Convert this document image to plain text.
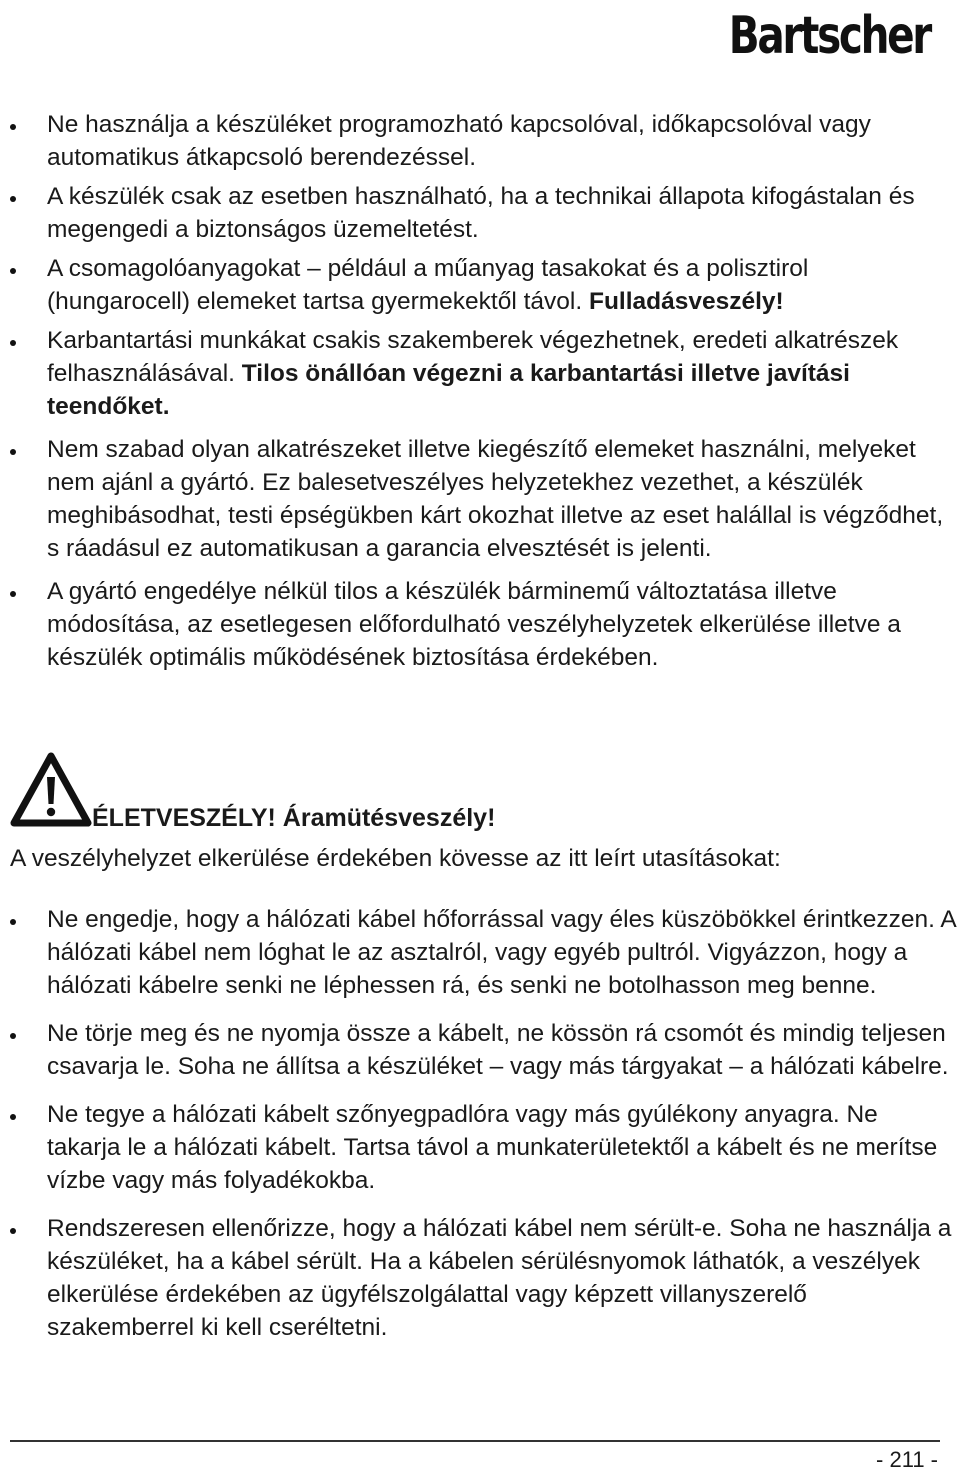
Bartscher
Ne használja a készüléket programozható kapcsolóval, időkapcsolóval vagy automatikus átkapcsoló berendezéssel.
A készülék csak az esetben használható, ha a technikai állapota kifogástalan és megengedi a biztonságos üzemeltetést.
A csomagolóanyagokat – például a műanyag tasakokat és a polisztirol (hungarocell) elemeket tartsa gyermekektől távol. Fulladásveszély!
Karbantartási munkákat csakis szakemberek végezhetnek, eredeti alkatrészek felhasználásával. Tilos önállóan végezni a karbantartási illetve javítási teendőket.
Nem szabad olyan alkatrészeket illetve kiegészítő elemeket használni, melyeket nem ajánl a gyártó. Ez balesetveszélyes helyzetekhez vezethet, a készülék meghibásodhat, testi épségükben kárt okozhat illetve az eset halállal is végződhet, s ráadásul ez automatikusan a garancia elvesztését is jelenti.
A gyártó engedélye nélkül tilos a készülék bárminemű változtatása illetve módosítása, az esetlegesen előfordulható veszélyhelyzetek elkerülése illetve a készülék optimális működésének biztosítása érdekében.
ÉLETVESZÉLY! Áramütésveszély!
A veszélyhelyzet elkerülése érdekében kövesse az itt leírt utasításokat:
Ne engedje, hogy a hálózati kábel hőforrással vagy éles küszöbökkel érintkezzen. A hálózati kábel nem lóghat le az asztalról, vagy egyéb pultról. Vigyázzon, hogy a hálózati kábelre senki ne léphessen rá, és senki ne botolhasson meg benne.
Ne törje meg és ne nyomja össze a kábelt, ne kössön rá csomót és mindig teljesen csavarja le. Soha ne állítsa a készüléket – vagy más tárgyakat – a hálózati kábelre.
Ne tegye a hálózati kábelt szőnyegpadlóra vagy más gyúlékony anyagra. Ne takarja le a hálózati kábelt. Tartsa távol a munkaterületektől a kábelt és ne merítse vízbe vagy más folyadékokba.
Rendszeresen ellenőrizze, hogy a hálózati kábel nem sérült-e. Soha ne használja a készüléket, ha a kábel sérült. Ha a kábelen sérülésnyomok láthatók, a veszélyek elkerülése érdekében az ügyfélszolgálattal vagy képzett villanyszerelő szakemberrel ki kell cseréltetni.
- 211 -
